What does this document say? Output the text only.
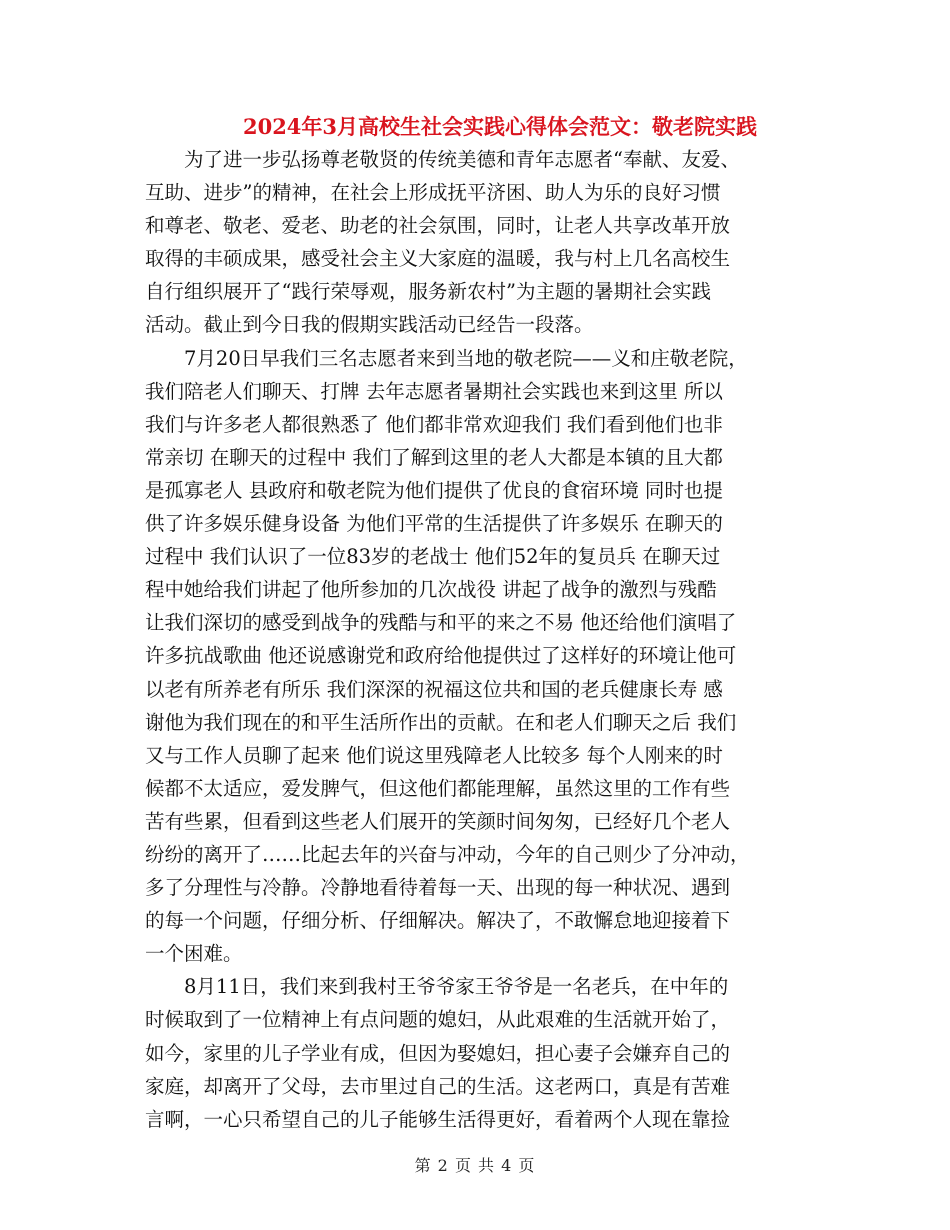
2024年3月高校生社会实践心得体会范文：敬老院实践
为了进一步弘扬尊老敬贤的传统美德和青年志愿者“奉献、友爱、
互助、进步”的精神，在社会上形成抚平济困、助人为乐的良好习惯
和尊老、敬老、爱老、助老的社会氛围，同时，让老人共享改革开放
取得的丰硕成果，感受社会主义大家庭的温暖，我与村上几名高校生
自行组织展开了“践行荣辱观，服务新农村”为主题的暑期社会实践
活动。截止到今日我的假期实践活动已经告一段落。
7月20日早我们三名志愿者来到当地的敬老院——义和庄敬老院，
我们陪老人们聊天、打牌 去年志愿者暑期社会实践也来到这里 所以
我们与许多老人都很熟悉了 他们都非常欢迎我们 我们看到他们也非
常亲切 在聊天的过程中 我们了解到这里的老人大都是本镇的且大都
是孤寡老人 县政府和敬老院为他们提供了优良的食宿环境 同时也提
供了许多娱乐健身设备 为他们平常的生活提供了许多娱乐 在聊天的
过程中 我们认识了一位83岁的老战士 他们52年的复员兵 在聊天过
程中她给我们讲起了他所参加的几次战役 讲起了战争的激烈与残酷
让我们深切的感受到战争的残酷与和平的来之不易 他还给他们演唱了
许多抗战歌曲 他还说感谢党和政府给他提供过了这样好的环境让他可
以老有所养老有所乐 我们深深的祝福这位共和国的老兵健康长寿 感
谢他为我们现在的和平生活所作出的贡献。在和老人们聊天之后 我们
又与工作人员聊了起来 他们说这里残障老人比较多 每个人刚来的时
候都不太适应，爱发脾气，但这他们都能理解，虽然这里的工作有些
苦有些累，但看到这些老人们展开的笑颜时间匆匆，已经好几个老人
纷纷的离开了……比起去年的兴奋与冲动，今年的自己则少了分冲动，
多了分理性与冷静。冷静地看待着每一天、出现的每一种状况、遇到
的每一个问题，仔细分析、仔细解决。解决了，不敢懈怠地迎接着下
一个困难。
8月11日，我们来到我村王爷爷家王爷爷是一名老兵，在中年的
时候取到了一位精神上有点问题的媳妇，从此艰难的生活就开始了，
如今，家里的儿子学业有成，但因为娶媳妇，担心妻子会嫌弃自己的
家庭，却离开了父母，去市里过自己的生活。这老两口，真是有苦难
言啊，一心只希望自己的儿子能够生活得更好，看着两个人现在靠捡
第 2 页 共 4 页
